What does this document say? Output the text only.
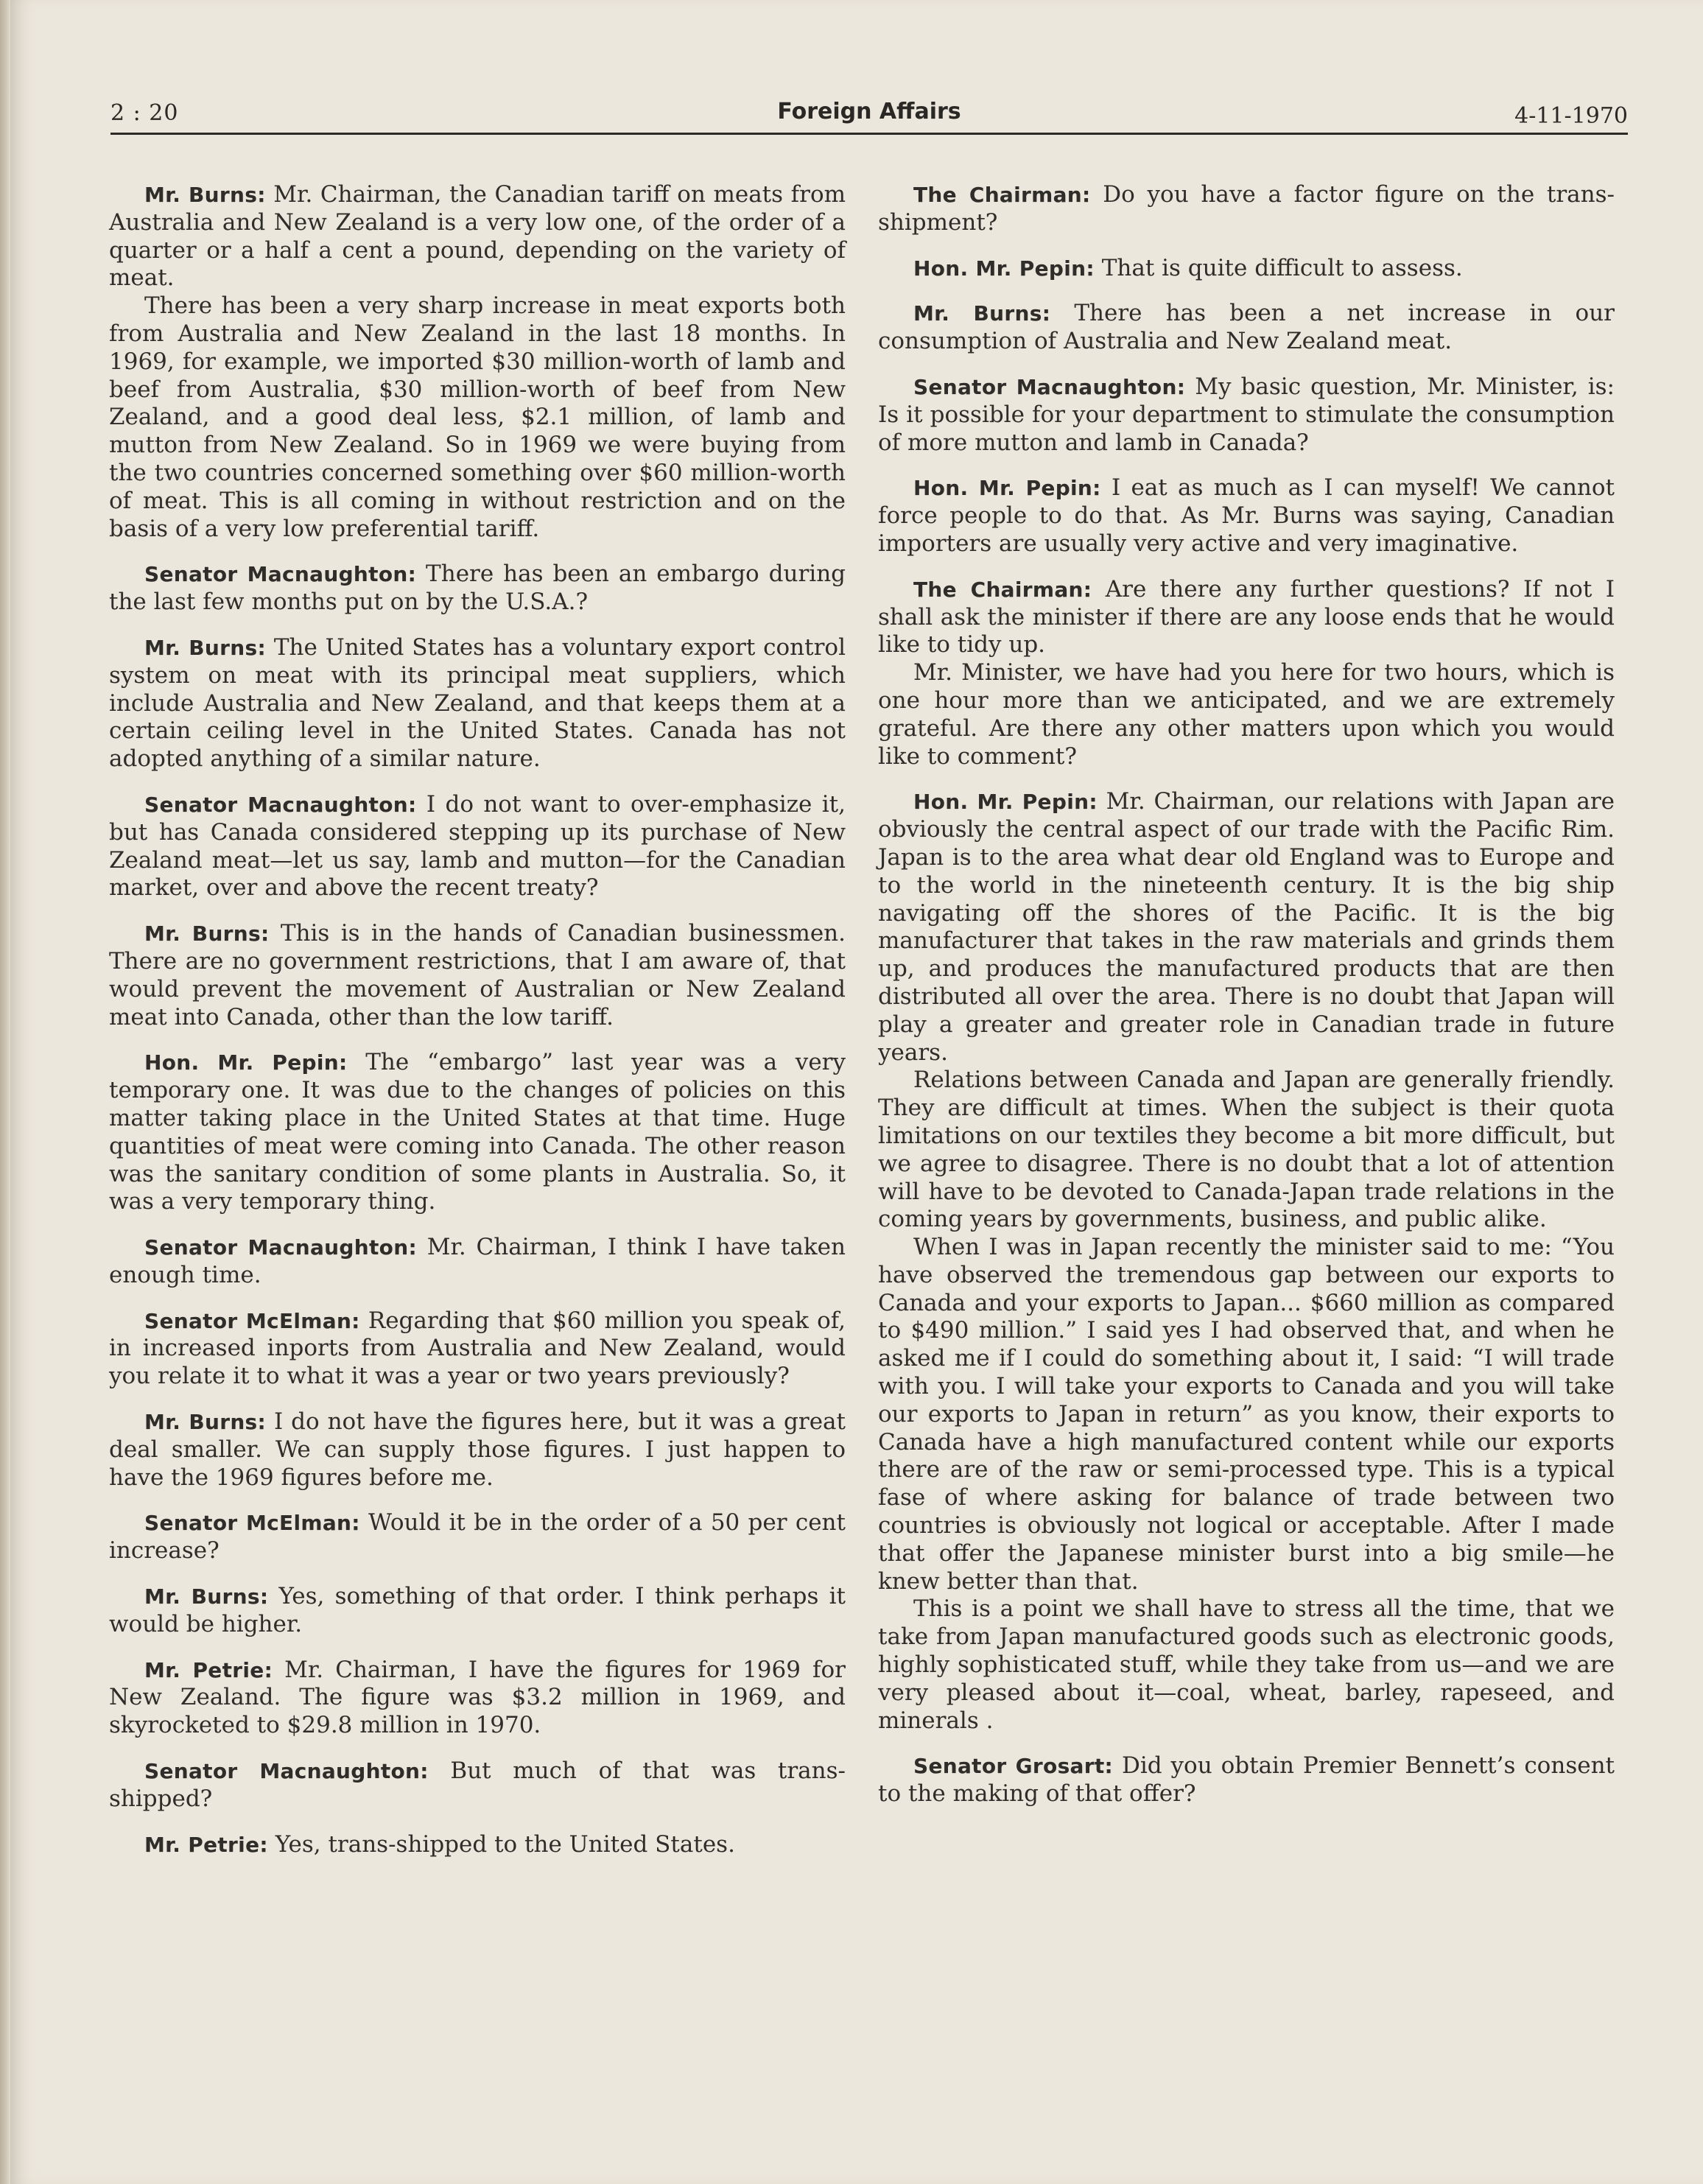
2 : 20	Foreign Affairs	4-11-1970

Mr. Burns: Mr. Chairman, the Canadian tariff on meats from Australia and New Zealand is a very low one, of the order of a quarter or a half a cent a pound, depending on the variety of meat.

There has been a very sharp increase in meat exports both from Australia and New Zealand in the last 18 months. In 1969, for example, we imported $30 million-worth of lamb and beef from Australia, $30 million-worth of beef from New Zealand, and a good deal less, $2.1 million, of lamb and mutton from New Zealand. So in 1969 we were buying from the two countries concerned something over $60 million-worth of meat. This is all coming in without restriction and on the basis of a very low preferential tariff.

Senator Macnaughton: There has been an embargo during the last few months put on by the U.S.A.?

Mr. Burns: The United States has a voluntary export control system on meat with its principal meat suppliers, which include Australia and New Zealand, and that keeps them at a certain ceiling level in the United States. Canada has not adopted anything of a similar nature.

Senator Macnaughton: I do not want to over-emphasize it, but has Canada considered stepping up its purchase of New Zealand meat—let us say, lamb and mutton—for the Canadian market, over and above the recent treaty?

Mr. Burns: This is in the hands of Canadian businessmen. There are no government restrictions, that I am aware of, that would prevent the movement of Australian or New Zealand meat into Canada, other than the low tariff.

Hon. Mr. Pepin: The “embargo” last year was a very temporary one. It was due to the changes of policies on this matter taking place in the United States at that time. Huge quantities of meat were coming into Canada. The other reason was the sanitary condition of some plants in Australia. So, it was a very temporary thing.

Senator Macnaughton: Mr. Chairman, I think I have taken enough time.

Senator McElman: Regarding that $60 million you speak of, in increased inports from Australia and New Zealand, would you relate it to what it was a year or two years previously?

Mr. Burns: I do not have the figures here, but it was a great deal smaller. We can supply those figures. I just happen to have the 1969 figures before me.

Senator McElman: Would it be in the order of a 50 per cent increase?

Mr. Burns: Yes, something of that order. I think perhaps it would be higher.

Mr. Petrie: Mr. Chairman, I have the figures for 1969 for New Zealand. The figure was $3.2 million in 1969, and skyrocketed to $29.8 million in 1970.

Senator Macnaughton: But much of that was trans-shipped?

Mr. Petrie: Yes, trans-shipped to the United States.

The Chairman: Do you have a factor figure on the trans-shipment?

Hon. Mr. Pepin: That is quite difficult to assess.

Mr. Burns: There has been a net increase in our consumption of Australia and New Zealand meat.

Senator Macnaughton: My basic question, Mr. Minister, is: Is it possible for your department to stimulate the consumption of more mutton and lamb in Canada?

Hon. Mr. Pepin: I eat as much as I can myself! We cannot force people to do that. As Mr. Burns was saying, Canadian importers are usually very active and very imaginative.

The Chairman: Are there any further questions? If not I shall ask the minister if there are any loose ends that he would like to tidy up.

Mr. Minister, we have had you here for two hours, which is one hour more than we anticipated, and we are extremely grateful. Are there any other matters upon which you would like to comment?

Hon. Mr. Pepin: Mr. Chairman, our relations with Japan are obviously the central aspect of our trade with the Pacific Rim. Japan is to the area what dear old England was to Europe and to the world in the nineteenth century. It is the big ship navigating off the shores of the Pacific. It is the big manufacturer that takes in the raw materials and grinds them up, and produces the manufactured products that are then distributed all over the area. There is no doubt that Japan will play a greater and greater role in Canadian trade in future years.

Relations between Canada and Japan are generally friendly. They are difficult at times. When the subject is their quota limitations on our textiles they become a bit more difficult, but we agree to disagree. There is no doubt that a lot of attention will have to be devoted to Canada-Japan trade relations in the coming years by governments, business, and public alike.

When I was in Japan recently the minister said to me: “You have observed the tremendous gap between our exports to Canada and your exports to Japan... $660 million as compared to $490 million.” I said yes I had observed that, and when he asked me if I could do something about it, I said: “I will trade with you. I will take your exports to Canada and you will take our exports to Japan in return” as you know, their exports to Canada have a high manufactured content while our exports there are of the raw or semi-processed type. This is a typical fase of where asking for balance of trade between two countries is obviously not logical or acceptable. After I made that offer the Japanese minister burst into a big smile—he knew better than that.

This is a point we shall have to stress all the time, that we take from Japan manufactured goods such as electronic goods, highly sophisticated stuff, while they take from us—and we are very pleased about it—coal, wheat, barley, rapeseed, and minerals .

Senator Grosart: Did you obtain Premier Bennett’s consent to the making of that offer?
